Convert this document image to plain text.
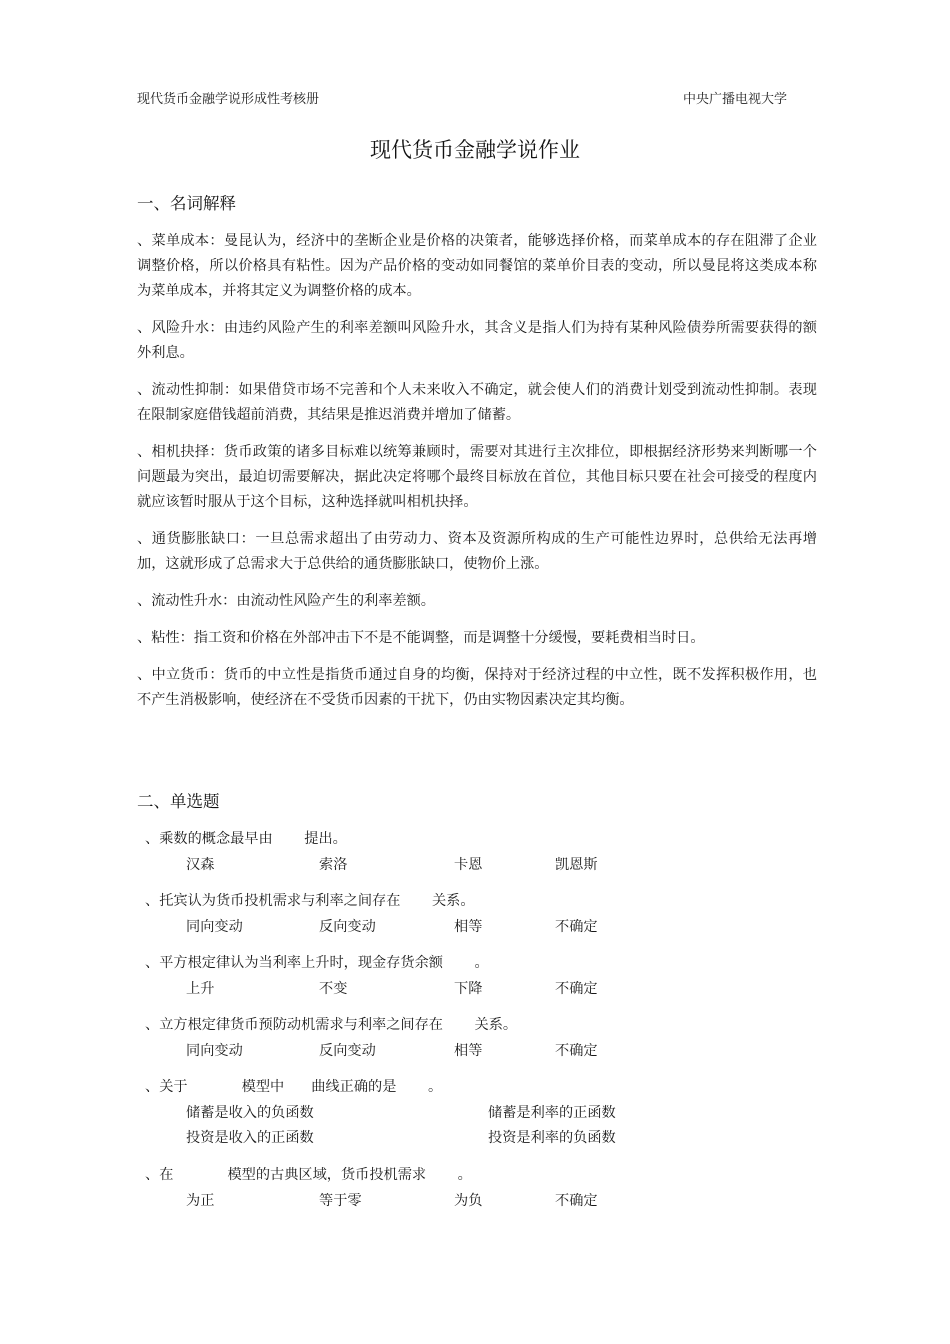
现代货币金融学说形成性考核册	中央广播电视大学
现代货币金融学说作业
一、名词解释
、菜单成本：曼昆认为，经济中的垄断企业是价格的决策者，能够选择价格，而菜单成本的存在阻滞了企业调整价格，所以价格具有粘性。因为产品价格的变动如同餐馆的菜单价目表的变动，所以曼昆将这类成本称为菜单成本，并将其定义为调整价格的成本。
、风险升水：由违约风险产生的利率差额叫风险升水，其含义是指人们为持有某种风险债券所需要获得的额外利息。
、流动性抑制：如果借贷市场不完善和个人未来收入不确定，就会使人们的消费计划受到流动性抑制。表现在限制家庭借钱超前消费，其结果是推迟消费并增加了储蓄。
、相机抉择：货币政策的诸多目标难以统筹兼顾时，需要对其进行主次排位，即根据经济形势来判断哪一个问题最为突出，最迫切需要解决，据此决定将哪个最终目标放在首位，其他目标只要在社会可接受的程度内就应该暂时服从于这个目标，这种选择就叫相机抉择。
、通货膨胀缺口：一旦总需求超出了由劳动力、资本及资源所构成的生产可能性边界时，总供给无法再增加，这就形成了总需求大于总供给的通货膨胀缺口，使物价上涨。
、流动性升水：由流动性风险产生的利率差额。
、粘性：指工资和价格在外部冲击下不是不能调整，而是调整十分缓慢，要耗费相当时日。
、中立货币：货币的中立性是指货币通过自身的均衡，保持对于经济过程的中立性，既不发挥积极作用，也不产生消极影响，使经济在不受货币因素的干扰下，仍由实物因素决定其均衡。
二、单选题
、乘数的概念最早由       提出。
汉森	索洛	卡恩	凯恩斯
、托宾认为货币投机需求与利率之间存在       关系。
同向变动	反向变动	相等	不确定
、平方根定律认为当利率上升时，现金存货余额       。
上升	不变	下降	不确定
、立方根定律货币预防动机需求与利率之间存在       关系。
同向变动	反向变动	相等	不确定
、关于            模型中      曲线正确的是       。
储蓄是收入的负函数	储蓄是利率的正函数
投资是收入的正函数	投资是利率的负函数
、在            模型的古典区域，货币投机需求       。
为正	等于零	为负	不确定
